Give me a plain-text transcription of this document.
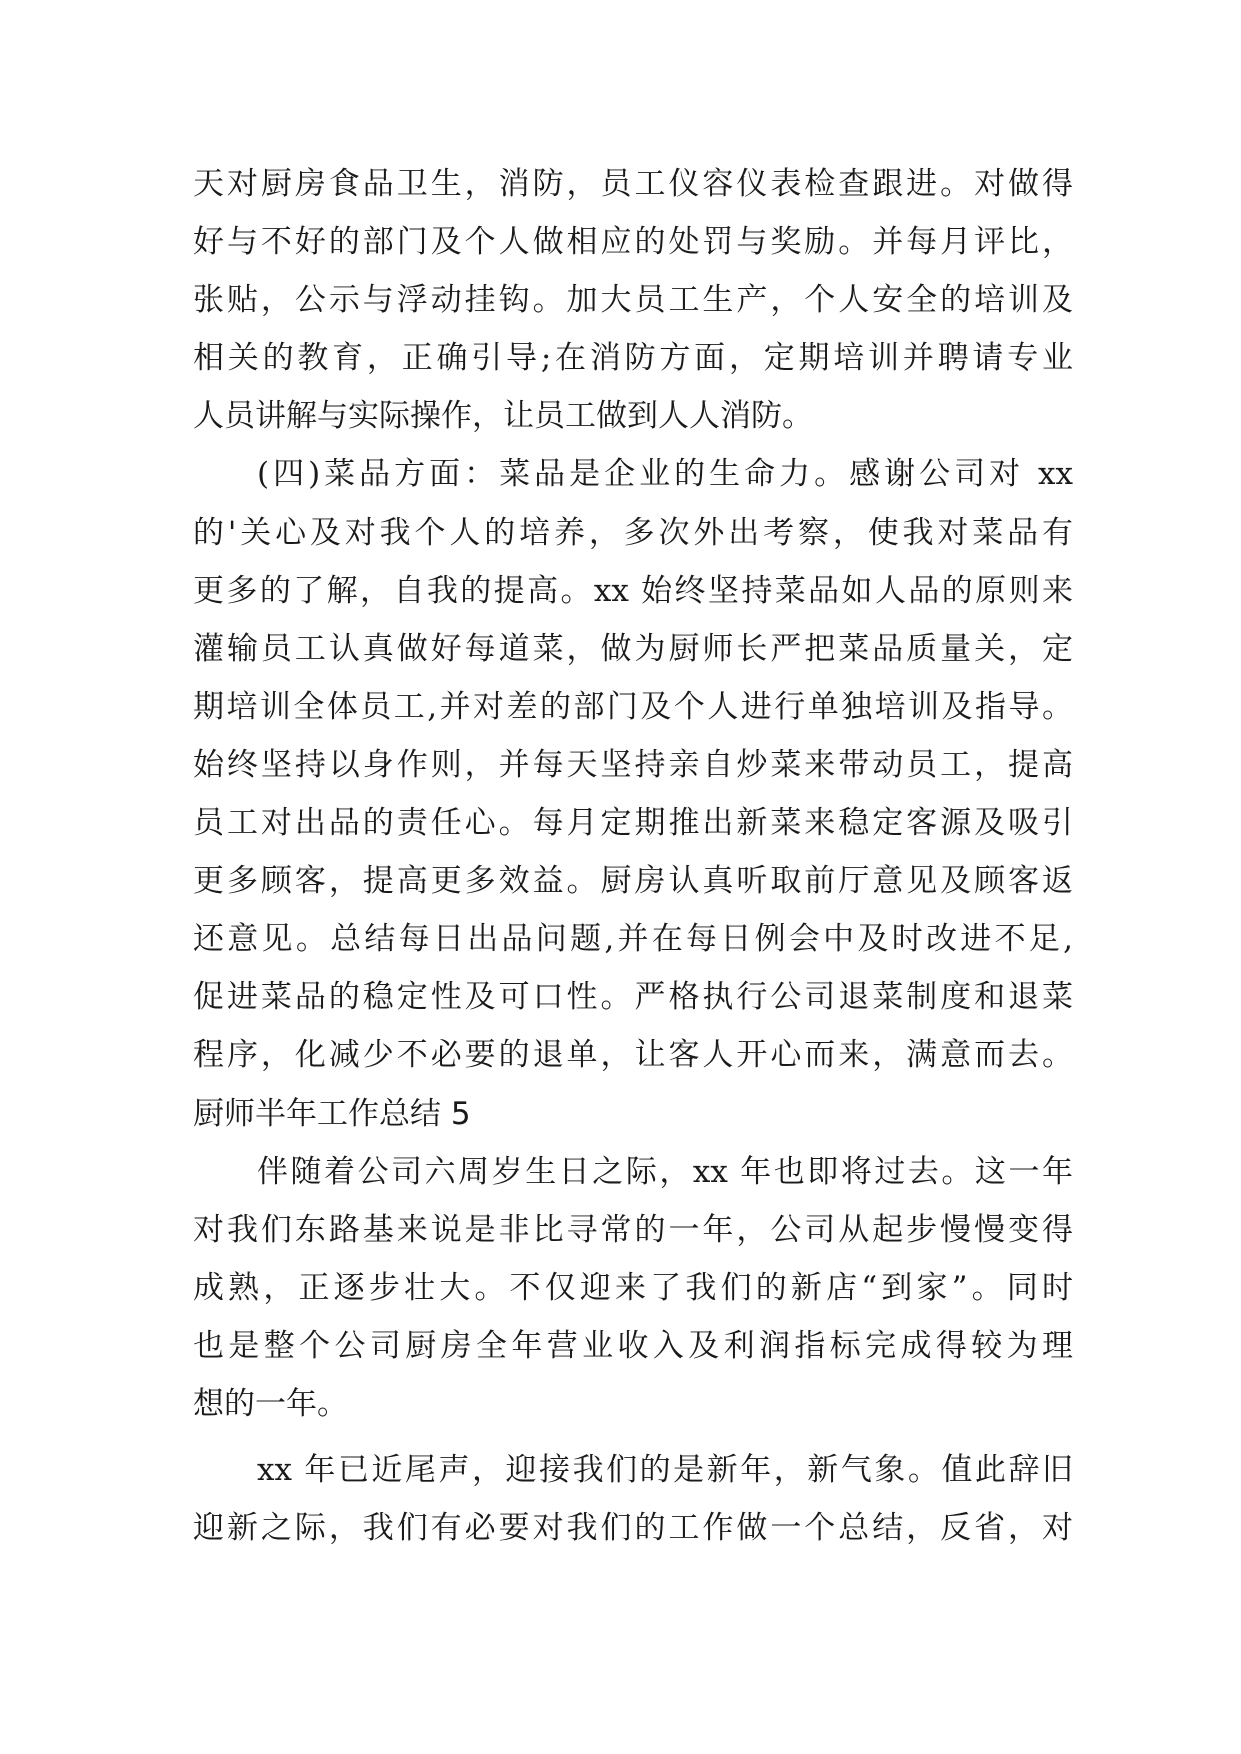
天对厨房食品卫生，消防，员工仪容仪表检查跟进。对做得
好与不好的部门及个人做相应的处罚与奖励。并每月评比，
张贴，公示与浮动挂钩。加大员工生产，个人安全的培训及
相关的教育，正确引导;在消防方面，定期培训并聘请专业
人员讲解与实际操作，让员工做到人人消防。
(四)菜品方面：菜品是企业的生命力。感谢公司对 xx
的'关心及对我个人的培养，多次外出考察，使我对菜品有
更多的了解，自我的提高。xx 始终坚持菜品如人品的原则来
灌输员工认真做好每道菜，做为厨师长严把菜品质量关，定
期培训全体员工,并对差的部门及个人进行单独培训及指导。
始终坚持以身作则，并每天坚持亲自炒菜来带动员工，提高
员工对出品的责任心。每月定期推出新菜来稳定客源及吸引
更多顾客，提高更多效益。厨房认真听取前厅意见及顾客返
还意见。总结每日出品问题,并在每日例会中及时改进不足,
促进菜品的稳定性及可口性。严格执行公司退菜制度和退菜
程序，化减少不必要的退单，让客人开心而来，满意而去。
厨师半年工作总结 5
伴随着公司六周岁生日之际，xx 年也即将过去。这一年
对我们东路基来说是非比寻常的一年，公司从起步慢慢变得
成熟，正逐步壮大。不仅迎来了我们的新店“到家”。同时
也是整个公司厨房全年营业收入及利润指标完成得较为理
想的一年。
xx 年已近尾声，迎接我们的是新年，新气象。值此辞旧
迎新之际，我们有必要对我们的工作做一个总结，反省，对
